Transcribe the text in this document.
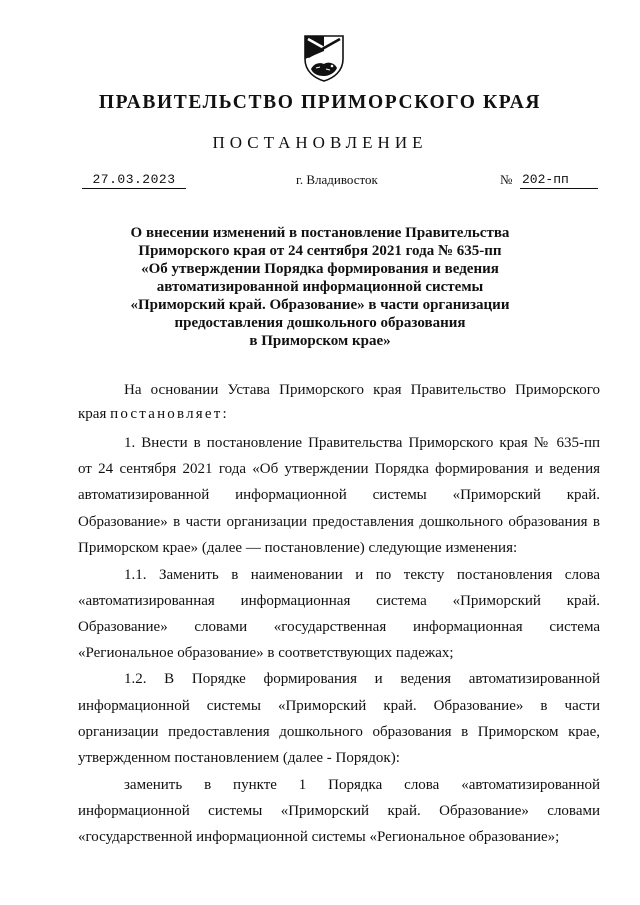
ПРАВИТЕЛЬСТВО ПРИМОРСКОГО КРАЯ
ПОСТАНОВЛЕНИЕ
27.03.2023	г. Владивосток	№ 202-пп
О внесении изменений в постановление Правительства
Приморского края от 24 сентября 2021 года № 635-пп
«Об утверждении Порядка формирования и ведения
автоматизированной информационной системы
«Приморский край. Образование» в части организации
предоставления дошкольного образования
в Приморском крае»
На основании Устава Приморского края Правительство Приморского
края постановляет:
1. Внести в постановление Правительства Приморского края № 635-пп
от 24 сентября 2021 года «Об утверждении Порядка формирования и ведения
автоматизированной информационной системы «Приморский край.
Образование» в части организации предоставления дошкольного образования в
Приморском крае» (далее — постановление) следующие изменения:
1.1. Заменить в наименовании и по тексту постановления слова
«автоматизированная информационная система «Приморский край.
Образование» словами «государственная информационная система
«Региональное образование» в соответствующих падежах;
1.2. В Порядке формирования и ведения автоматизированной
информационной системы «Приморский край. Образование» в части
организации предоставления дошкольного образования в Приморском крае,
утвержденном постановлением (далее - Порядок):
заменить в пункте 1 Порядка слова «автоматизированной
информационной системы «Приморский край. Образование» словами
«государственной информационной системы «Региональное образование»;
